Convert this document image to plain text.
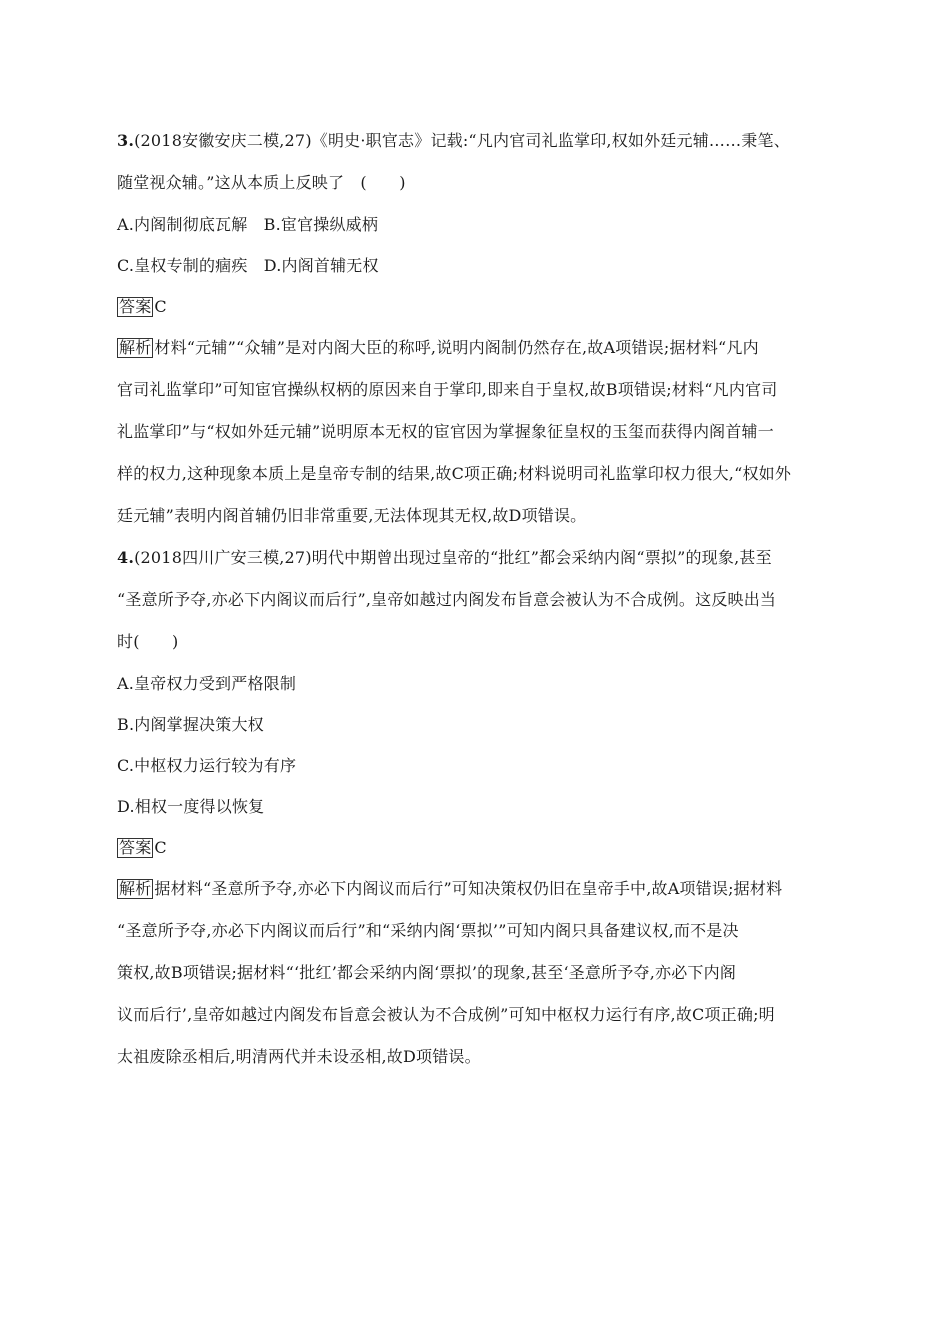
3.(2018安徽安庆二模,27)《明史·职官志》记载:“凡内官司礼监掌印,权如外廷元辅……秉笔、
随堂视众辅。”这从本质上反映了　(　　)
A.内阁制彻底瓦解　B.宦官操纵威柄
C.皇权专制的痼疾　D.内阁首辅无权
答案 C
解析 材料“元辅”“众辅”是对内阁大臣的称呼,说明内阁制仍然存在,故A项错误;据材料“凡内
官司礼监掌印”可知宦官操纵权柄的原因来自于掌印,即来自于皇权,故B项错误;材料“凡内官司
礼监掌印”与“权如外廷元辅”说明原本无权的宦官因为掌握象征皇权的玉玺而获得内阁首辅一
样的权力,这种现象本质上是皇帝专制的结果,故C项正确;材料说明司礼监掌印权力很大,“权如外
廷元辅”表明内阁首辅仍旧非常重要,无法体现其无权,故D项错误。
4.(2018四川广安三模,27)明代中期曾出现过皇帝的“批红”都会采纳内阁“票拟”的现象,甚至
“圣意所予夺,亦必下内阁议而后行”,皇帝如越过内阁发布旨意会被认为不合成例。这反映出当
时(　　)
A.皇帝权力受到严格限制
B.内阁掌握决策大权
C.中枢权力运行较为有序
D.相权一度得以恢复
答案 C
解析 据材料“圣意所予夺,亦必下内阁议而后行”可知决策权仍旧在皇帝手中,故A项错误;据材料
“圣意所予夺,亦必下内阁议而后行”和“采纳内阁‘票拟’”可知内阁只具备建议权,而不是决
策权,故B项错误;据材料“‘批红’都会采纳内阁‘票拟’的现象,甚至‘圣意所予夺,亦必下内阁
议而后行’,皇帝如越过内阁发布旨意会被认为不合成例”可知中枢权力运行有序,故C项正确;明
太祖废除丞相后,明清两代并未设丞相,故D项错误。
